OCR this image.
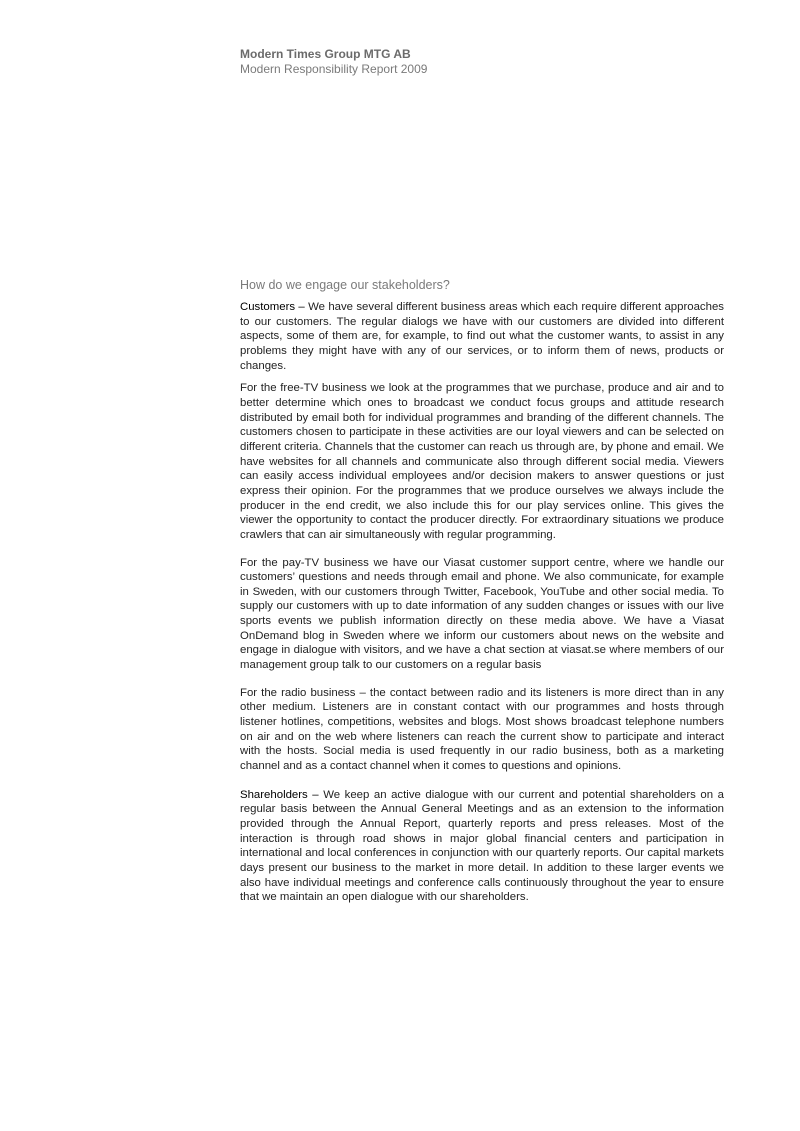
Modern Times Group MTG AB
Modern Responsibility Report 2009
How do we engage our stakeholders?

Customers – We have several different business areas which each require different approaches to our customers. The regular dialogs we have with our customers are divided into different aspects, some of them are, for example, to find out what the customer wants, to assist in any problems they might have with any of our services, or to inform them of news, products or changes.

For the free-TV business we look at the programmes that we purchase, produce and air and to better determine which ones to broadcast we conduct focus groups and attitude research distributed by email both for individual programmes and branding of the different channels. The customers chosen to participate in these activities are our loyal viewers and can be selected on different criteria. Channels that the customer can reach us through are, by phone and email. We have websites for all channels and communicate also through different social media. Viewers can easily access individual employees and/or decision makers to answer questions or just express their opinion. For the programmes that we produce ourselves we always include the producer in the end credit, we also include this for our play services online. This gives the viewer the opportunity to contact the producer directly. For extraordinary situations we produce crawlers that can air simultaneously with regular programming.

For the pay-TV business we have our Viasat customer support centre, where we handle our customers’ questions and needs through email and phone. We also communicate, for example in Sweden, with our customers through Twitter, Facebook, YouTube and other social media. To supply our customers with up to date information of any sudden changes or issues with our live sports events we publish information directly on these media above. We have a Viasat OnDemand blog in Sweden where we inform our customers about news on the website and engage in dialogue with visitors, and we have a chat section at viasat.se where members of our management group talk to our customers on a regular basis

For the radio business – the contact between radio and its listeners is more direct than in any other medium. Listeners are in constant contact with our programmes and hosts through listener hotlines, competitions, websites and blogs. Most shows broadcast telephone numbers on air and on the web where listeners can reach the current show to participate and interact with the hosts. Social media is used frequently in our radio business, both as a marketing channel and as a contact channel when it comes to questions and opinions.

Shareholders – We keep an active dialogue with our current and potential shareholders on a regular basis between the Annual General Meetings and as an extension to the information provided through the Annual Report, quarterly reports and press releases. Most of the interaction is through road shows in major global financial centers and participation in international and local conferences in conjunction with our quarterly reports. Our capital markets days present our business to the market in more detail. In addition to these larger events we also have individual meetings and conference calls continuously throughout the year to ensure that we maintain an open dialogue with our shareholders.
